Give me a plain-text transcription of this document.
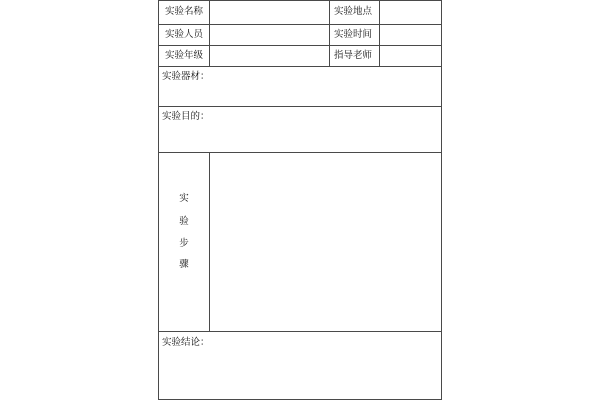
实验名称	实验地点
实验人员	实验时间
实验年级	指导老师
实验器材：
实验目的：
实
验
步
骤
实验结论：
